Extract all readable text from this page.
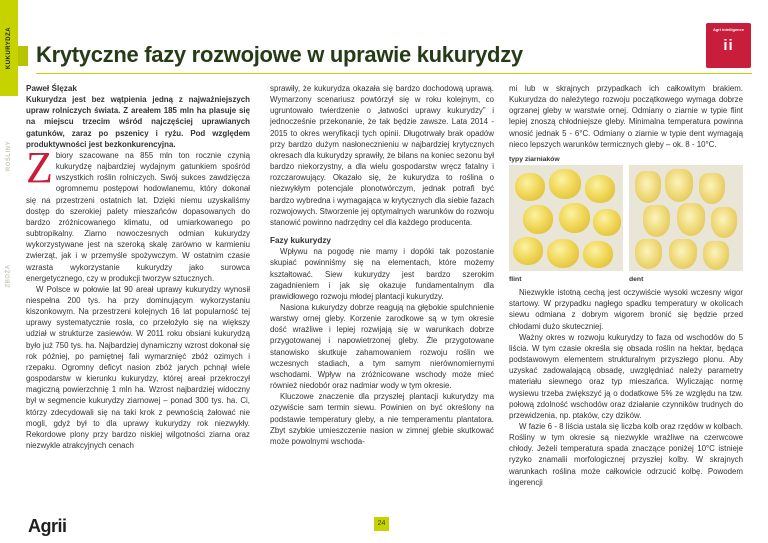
KUKURYDZA
ROŚLINY
ZBOŻA
Krytyczne fazy rozwojowe w uprawie kukurydzy
Agri intelligence
ii

Paweł Ślęzak

Kukurydza jest bez wątpienia jedną z najważniejszych upraw rolniczych świata. Z areałem 185 mln ha plasuje się na miejscu trzecim wśród najczęściej uprawianych gatunków, zaraz po pszenicy i ryżu. Pod względem produktywności jest bezkonkurencyjna.

Z biory szacowane na 855 mln ton rocznie czynią kukurydzę najbardziej wydajnym gatunkiem spośród wszystkich roślin rolniczych. Swój sukces zawdzięcza ogromnemu postępowi hodowlanemu, który dokonał się na przestrzeni ostatnich lat. Dzięki niemu uzyskaliśmy dostęp do szerokiej palety mieszańców dopasowanych do bardzo zróżnicowanego klimatu, od umiarkowanego po subtropikalny. Ziarno nowoczesnych odmian kukurydzy wykorzystywane jest na szeroką skalę zarówno w karmieniu zwierząt, jak i w przemyśle spożywczym. W ostatnim czasie wzrasta wykorzystanie kukurydzy jako surowca energetycznego, czy w produkcji tworzyw sztucznych.

W Polsce w połowie lat 90 areał uprawy kukurydzy wynosił niespełna 200 tys. ha przy dominującym wykorzystaniu kiszonkowym. Na przestrzeni kolejnych 16 lat popularność tej uprawy systematycznie rosła, co przełożyło się na większy udział w strukturze zasiewów. W 2011 roku obsiani kukurydzą było już 750 tys. ha. Najbardziej dynamiczny wzrost dokonał się rok później, po pamiętnej fali wymarznięć zbóż ozimych i rzepaku. Ogromny deficyt nasion zbóż jarych pchnął wiele gospodarstw w kierunku kukurydzy, której areał przekroczył magiczną powierzchnię 1 mln ha. Wzrost najbardziej widoczny był w segmencie kukurydzy ziarnowej – ponad 300 tys. ha. Ci, którzy zdecydowali się na taki krok z pewnością żałować nie mogli, gdyż był to dla uprawy kukurydzy rok niezwykły. Rekordowe plony przy bardzo niskiej wilgotności ziarna oraz niezwykle atrakcyjnych cenach

sprawiły, że kukurydza okazała się bardzo dochodową uprawą. Wymarzony scenariusz powtórzył się w roku kolejnym, co ugruntowało twierdzenie o „łatwości uprawy kukurydzy” i jednocześnie przekonanie, że tak będzie zawsze. Lata 2014 - 2015 to okres weryfikacji tych opinii. Długotrwały brak opadów przy bardzo dużym nasłonecznieniu w najbardziej krytycznych okresach dla kukurydzy sprawiły, że bilans na koniec sezonu był bardzo niekorzystny, a dla wielu gospodarstw wręcz fatalny i rozczarowujący. Okazało się, że kukurydza to roślina o niezwykłym potencjale plonotwórczym, jednak potrafi być bardzo wybredna i wymagająca w krytycznych dla siebie fazach rozwojowych. Stworzenie jej optymalnych warunków do rozwoju stanowić powinno nadrzędny cel dla każdego producenta.

Fazy kukurydzy

Wpływu na pogodę nie mamy i dopóki tak pozostanie skupiać powinniśmy się na elementach, które możemy kształtować. Siew kukurydzy jest bardzo szerokim zagadnieniem i jak się okazuje fundamentalnym dla prawidłowego rozwoju młodej plantacji kukurydzy.

Nasiona kukurydzy dobrze reagują na głębokie spulchnienie warstwy ornej gleby. Korzenie zarodkowe są w tym okresie dość wrażliwe i lepiej rozwijają się w warunkach dobrze przygotowanej i napowietrzonej gleby. Źle przygotowane stanowisko skutkuje zahamowaniem rozwoju roślin we wczesnych stadiach, a tym samym nierównomiernymi wschodami. Wpływ na zróżnicowane wschody może mieć również niedobór oraz nadmiar wody w tym okresie.

Kluczowe znaczenie dla przyszłej plantacji kukurydzy ma ozywiście sam termin siewu. Powinien on być określony na podstawie temperatury gleby, a nie temperamentu plantatora. Zbyt szybkie umieszczenie nasion w zimnej glebie skutkować może powolnymi wschoda-

mi lub w skrajnych przypadkach ich całkowitym brakiem. Kukurydza do należytego rozwoju początkowego wymaga dobrze ogrzanej gleby w warstwie ornej. Odmiany o ziarnie w typie flint lepiej znoszą chłodniejsze gleby. Minimalna temperatura powinna wnosić jednak 5 - 6°C. Odmiany o ziarnie w typie dent wymagają nieco lepszych warunków termicznych gleby – ok. 8 - 10°C.

typy ziarniaków

flint	dent

Niezwykle istotną cechą jest oczywiście wysoki wczesny wigor startowy. W przypadku nagłego spadku temperatury w okolicach siewu odmiana z dobrym wigorem bronić się będzie przed chłodami dużo skuteczniej.

Ważny okres w rozwoju kukurydzy to faza od wschodów do 5 liścia. W tym czasie określa się obsada roślin na hektar, będąca podstawowym elementem strukturalnym przyszłego plonu. Aby uzyskać zadowalającą obsadę, uwzględniać należy parametry materiału siewnego oraz typ mieszańca. Wyliczając normę wysiewu trzeba zwiększyć ją o dodatkowe 5% ze względu na tzw. połową zdolność wschodów oraz działanie czynników trudnych do przewidzenia, np. ptaków, czy dzików.

W fazie 6 - 8 liścia ustala się liczba kolb oraz rzędów w kolbach. Rośliny w tym okresie są niezwykle wrażliwe na czerwcowe chłody. Jeżeli temperatura spada znaczące poniżej 10°C istnieje ryzyko znamalii morfologicznej przyszłej kolby. W skrajnych warunkach roślina może całkowicie odrzucić kolbę. Powodem ingerencji

Agrii	24
